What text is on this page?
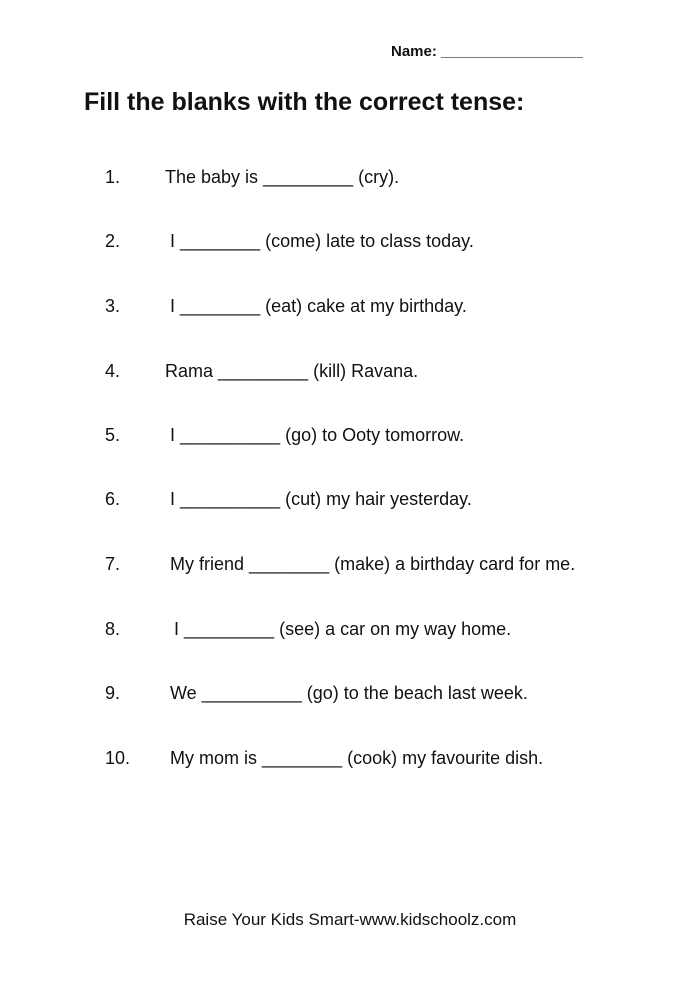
Name: _________________
Fill the blanks with the correct tense:
1. The baby is _________ (cry).
2.	I ________ (come) late to class today.
3.	I ________ (eat) cake at my birthday.
4. Rama _________ (kill) Ravana.
5.	I __________ (go) to Ooty tomorrow.
6.	I __________ (cut) my hair yesterday.
7.	My friend ________ (make) a birthday card for me.
8.	I _________ (see) a car on my way home.
9.	We __________ (go) to the beach last week.
10. My mom is ________ (cook) my favourite dish.
Raise Your Kids Smart-www.kidschoolz.com
